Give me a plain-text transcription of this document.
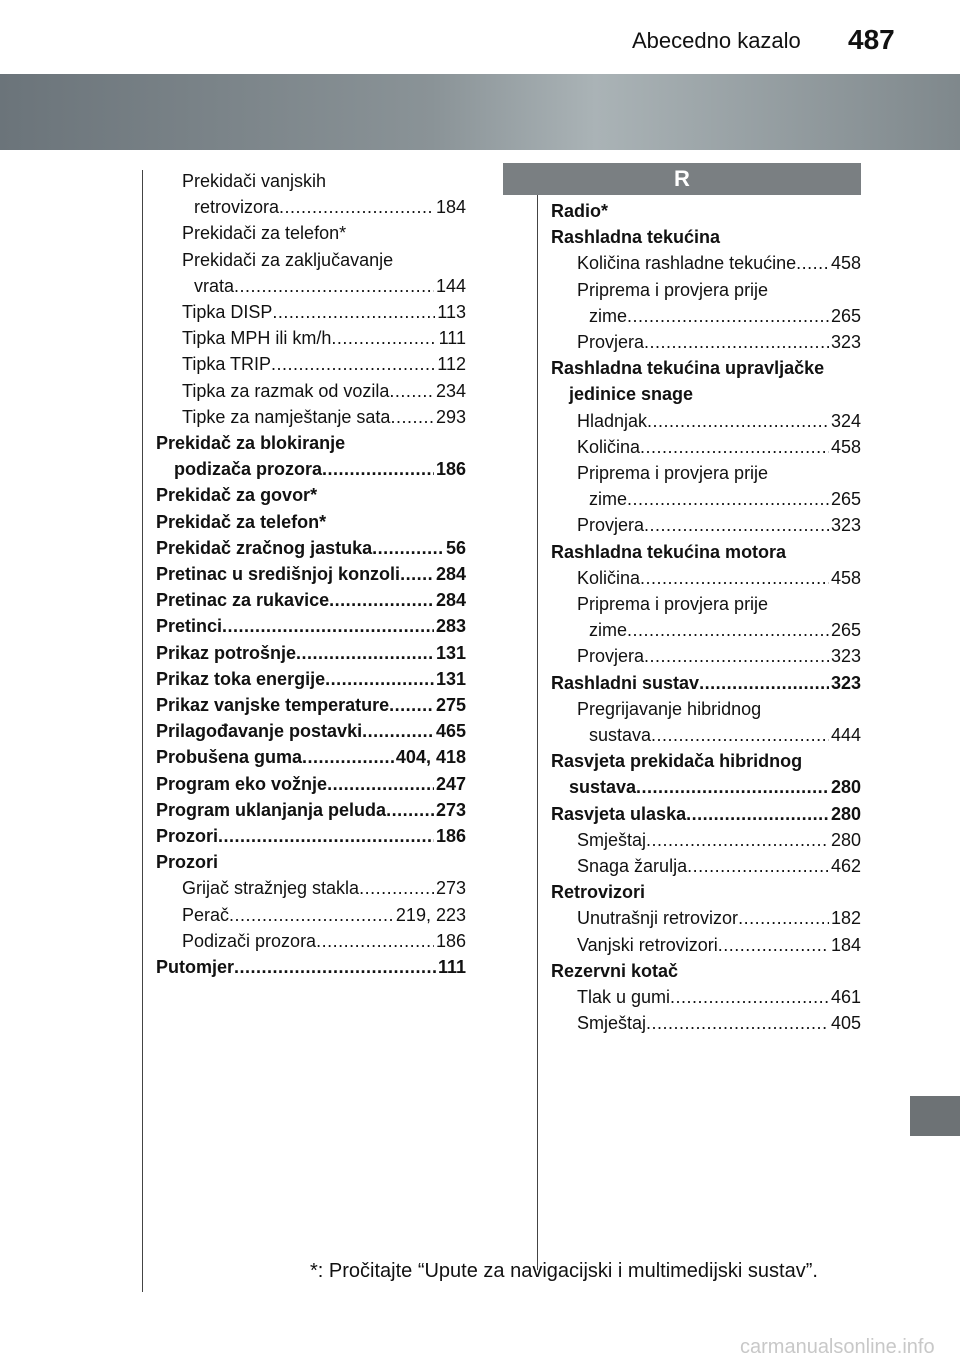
Abecedno kazalo 487
R
Prekidači vanjskih
retrovizora .....	184
Prekidači za telefon*
Prekidači za zaključavanje
vrata .....	144
Tipka DISP .....	113
Tipka MPH ili km/h .....	111
Tipka TRIP .....	112
Tipka za razmak od vozila .....	234
Tipke za namještanje sata .....	293
Prekidač za blokiranje
podizača prozora .....	186
Prekidač za govor*
Prekidač za telefon*
Prekidač zračnog jastuka .....	56
Pretinac u središnjoj konzoli ..... 284
Pretinac za rukavice .....	284
Pretinci .....	283
Prikaz potrošnje .....	131
Prikaz toka energije .....	131
Prikaz vanjske temperature .....	275
Prilagođavanje postavki .....	465
Probušena guma .....	404, 418
Program eko vožnje .....	247
Program uklanjanja peluda .....	273
Prozori .....	186
Prozori
Grijač stražnjeg stakla .....	273
Perač .....	219, 223
Podizači prozora .....	186
Putomjer .....	111
Radio*
Rashladna tekućina
Količina rashladne tekućine ..... 458
Priprema i provjera prije
zime .....	265
Provjera .....	323
Rashladna tekućina upravljačke
jedinice snage
Hladnjak .....	324
Količina .....	458
Priprema i provjera prije
zime .....	265
Provjera .....	323
Rashladna tekućina motora
Količina .....	458
Priprema i provjera prije
zime .....	265
Provjera .....	323
Rashladni sustav .....	323
Pregrijavanje hibridnog
sustava .....	444
Rasvjeta prekidača hibridnog
sustava .....	280
Rasvjeta ulaska .....	280
Smještaj .....	280
Snaga žarulja .....	462
Retrovizori
Unutrašnji retrovizor .....	182
Vanjski retrovizori .....	184
Rezervni kotač
Tlak u gumi .....	461
Smještaj .....	405
*: Pročitajte “Upute za navigacijski i multimedijski sustav”.
carmanualsonline.info
